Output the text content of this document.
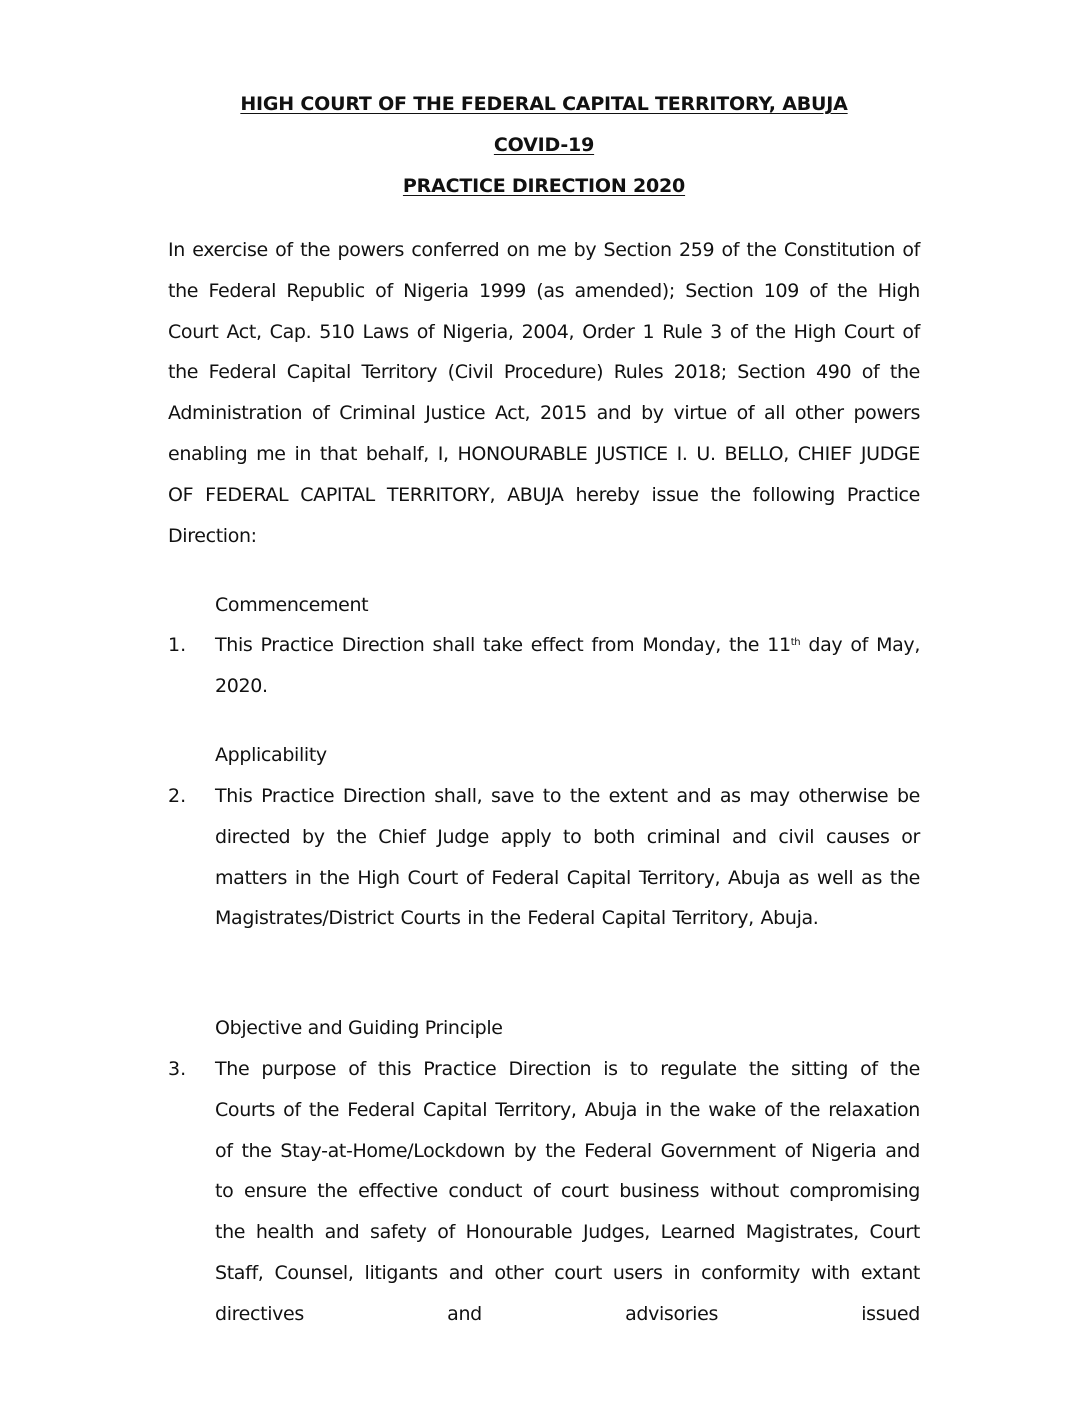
HIGH COURT OF THE FEDERAL CAPITAL TERRITORY, ABUJA
COVID-19
PRACTICE DIRECTION 2020
In exercise of the powers conferred on me by Section 259 of the Constitution of the Federal Republic of Nigeria 1999 (as amended); Section 109 of the High Court Act, Cap. 510 Laws of Nigeria, 2004, Order 1 Rule 3 of the High Court of the Federal Capital Territory (Civil Procedure) Rules 2018; Section 490 of the Administration of Criminal Justice Act, 2015 and by virtue of all other powers enabling me in that behalf, I, HONOURABLE JUSTICE I. U. BELLO, CHIEF JUDGE OF FEDERAL CAPITAL TERRITORY, ABUJA hereby issue the following Practice Direction:
Commencement
1. This Practice Direction shall take effect from Monday, the 11th day of May, 2020.
Applicability
2. This Practice Direction shall, save to the extent and as may otherwise be directed by the Chief Judge apply to both criminal and civil causes or matters in the High Court of Federal Capital Territory, Abuja as well as the Magistrates/District Courts in the Federal Capital Territory, Abuja.
Objective and Guiding Principle
3. The purpose of this Practice Direction is to regulate the sitting of the Courts of the Federal Capital Territory, Abuja in the wake of the relaxation of the Stay-at-Home/Lockdown by the Federal Government of Nigeria and to ensure the effective conduct of court business without compromising the health and safety of Honourable Judges, Learned Magistrates, Court Staff, Counsel, litigants and other court users in conformity with extant directives and advisories issued
